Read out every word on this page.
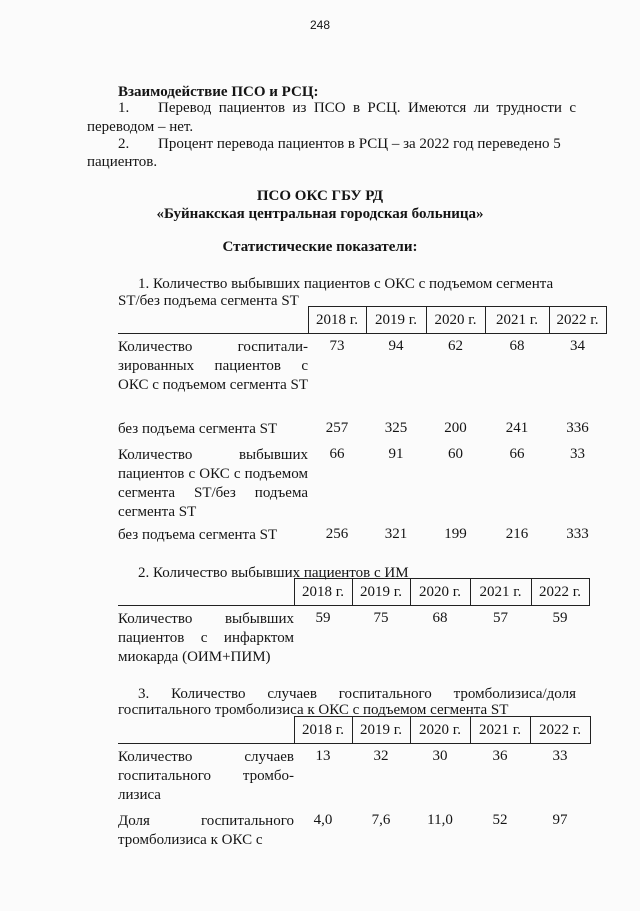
248
Взаимодействие ПСО и РСЦ:
1. Перевод пациентов из ПСО в РСЦ. Имеются ли трудности с
переводом – нет.
2. Процент перевода пациентов в РСЦ – за 2022 год переведено 5
пациентов.
ПСО ОКС ГБУ РД
«Буйнакская центральная городская больница»
Статистические показатели:
1. Количество выбывших пациентов с ОКС с подъемом сегмента
ST/без подъема сегмента ST
	2018 г.	2019 г.	2020 г.	2021 г.	2022 г.
Количество госпитали-зированных пациентов с ОКС с подъемом сегмента ST	73	94	62	68	34
без подъема сегмента ST	257	325	200	241	336
Количество выбывших пациентов с ОКС с подъемом сегмента ST/без подъема сегмента ST	66	91	60	66	33
без подъема сегмента ST	256	321	199	216	333
2. Количество выбывших пациентов с ИМ
	2018 г.	2019 г.	2020 г.	2021 г.	2022 г.
Количество выбывших пациентов с инфарктом миокарда (ОИМ+ПИМ)	59	75	68	57	59
3. Количество случаев госпитального тромболизиса/доля
госпитального тромболизиса к ОКС с подъемом сегмента ST
	2018 г.	2019 г.	2020 г.	2021 г.	2022 г.
Количество случаев госпитального тромбо-лизиса	13	32	30	36	33
Доля госпитального тромболизиса к ОКС с	4,0	7,6	11,0	52	97
